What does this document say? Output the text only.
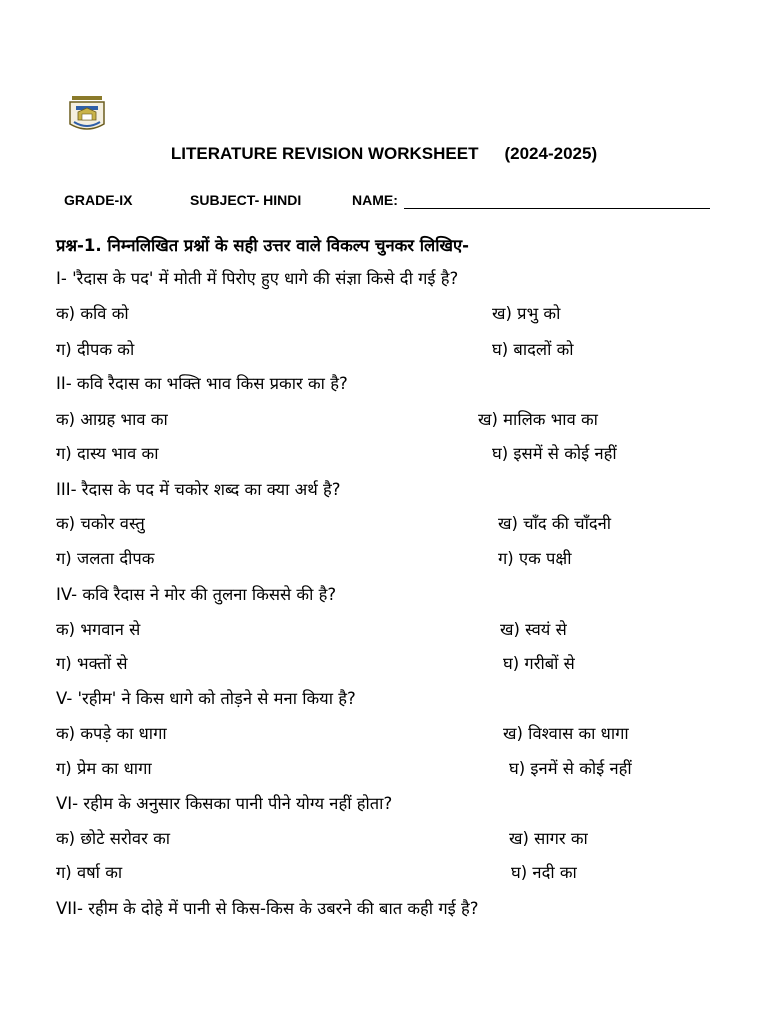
LITERATURE REVISION WORKSHEET (2024-2025)
GRADE-IX	SUBJECT- HINDI	NAME:
प्रश्न-1. निम्नलिखित प्रश्नों के सही उत्तर वाले विकल्प चुनकर लिखिए-
I- 'रैदास के पद' में मोती में पिरोए हुए धागे की संज्ञा किसे दी गई है?
क) कवि को	ख) प्रभु को
ग) दीपक को	घ) बादलों को
II- कवि रैदास का भक्ति भाव किस प्रकार का है?
क) आग्रह भाव का	ख) मालिक भाव का
ग) दास्य भाव का	घ) इसमें से कोई नहीं
III- रैदास के पद में चकोर शब्द का क्या अर्थ है?
क) चकोर वस्तु	ख) चाँद की चाँदनी
ग) जलता दीपक	ग) एक पक्षी
IV- कवि रैदास ने मोर की तुलना किससे की है?
क) भगवान से	ख) स्वयं से
ग) भक्तों से	घ) गरीबों से
V- 'रहीम' ने किस धागे को तोड़ने से मना किया है?
क) कपड़े का धागा	ख) विश्वास का धागा
ग) प्रेम का धागा	घ) इनमें से कोई नहीं
VI- रहीम के अनुसार किसका पानी पीने योग्य नहीं होता?
क) छोटे सरोवर का	ख) सागर का
ग) वर्षा का	घ) नदी का
VII- रहीम के दोहे में पानी से किस-किस के उबरने की बात कही गई है?
